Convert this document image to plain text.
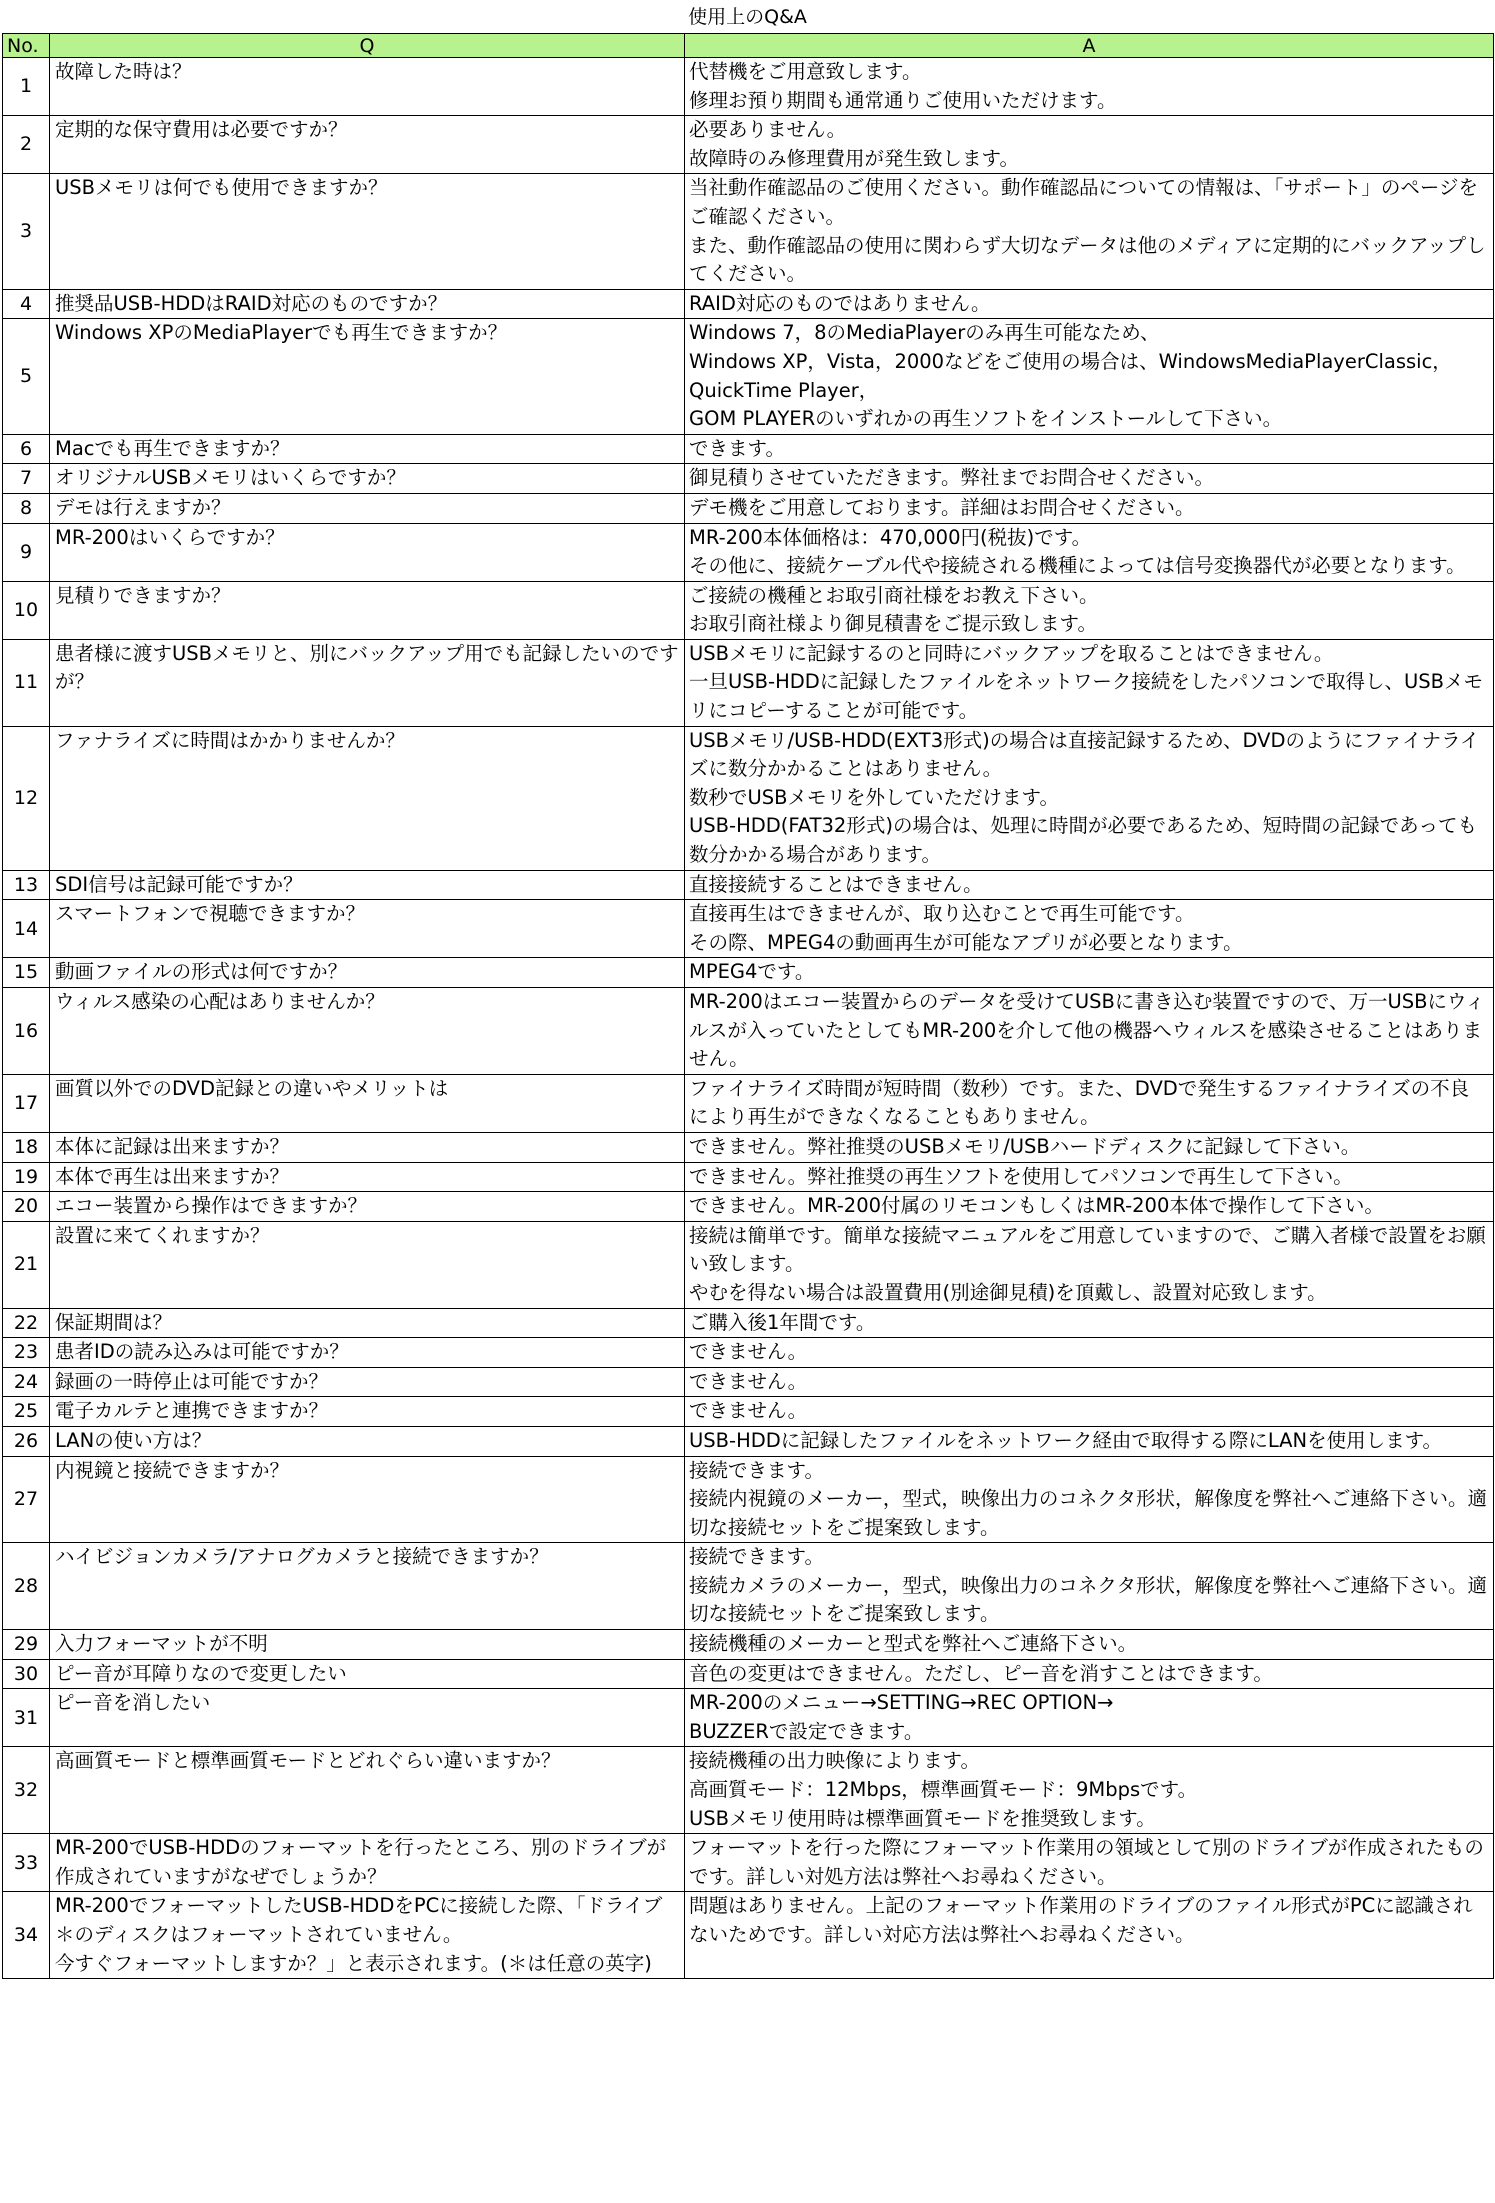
使用上のQ&A
No.	Q	A
1	故障した時は？	代替機をご用意致します。
修理お預り期間も通常通りご使用いただけます。

2	定期的な保守費用は必要ですか？	必要ありません。
故障時のみ修理費用が発生致します。

3	USBメモリは何でも使用できますか？	当社動作確認品のご使用ください。動作確認品についての情報は、「サポート」のページをご確認ください。
また、動作確認品の使用に関わらず大切なデータは他のメディアに定期的にバックアップしてください。

4	推奨品USB-HDDはRAID対応のものですか？	RAID対応のものではありません。

5	Windows XPのMediaPlayerでも再生できますか？	Windows 7，8のMediaPlayerのみ再生可能なため、
Windows XP，Vista，2000などをご使用の場合は、WindowsMediaPlayerClassic，QuickTime Player，
GOM PLAYERのいずれかの再生ソフトをインストールして下さい。

6	Macでも再生できますか？	できます。

7	オリジナルUSBメモリはいくらですか？	御見積りさせていただきます。弊社までお問合せください。

8	デモは行えますか？	デモ機をご用意しております。詳細はお問合せください。

9	MR-200はいくらですか？	MR-200本体価格は：470,000円(税抜)です。
その他に、接続ケーブル代や接続される機種によっては信号変換器代が必要となります。

10	見積りできますか？	ご接続の機種とお取引商社様をお教え下さい。
お取引商社様より御見積書をご提示致します。

11	患者様に渡すUSBメモリと、別にバックアップ用でも記録したいのですが？	USBメモリに記録するのと同時にバックアップを取ることはできません。
一旦USB-HDDに記録したファイルをネットワーク接続をしたパソコンで取得し、USBメモリにコピーすることが可能です。

12	ファナライズに時間はかかりませんか？	USBメモリ/USB-HDD(EXT3形式)の場合は直接記録するため、DVDのようにファイナライズに数分かかることはありません。
数秒でUSBメモリを外していただけます。
USB-HDD(FAT32形式)の場合は、処理に時間が必要であるため、短時間の記録であっても数分かかる場合があります。

13	SDI信号は記録可能ですか？	直接接続することはできません。

14	スマートフォンで視聴できますか？	直接再生はできませんが、取り込むことで再生可能です。
その際、MPEG4の動画再生が可能なアプリが必要となります。

15	動画ファイルの形式は何ですか？	MPEG4です。

16	ウィルス感染の心配はありませんか？	MR-200はエコー装置からのデータを受けてUSBに書き込む装置ですので、万一USBにウィルスが入っていたとしてもMR-200を介して他の機器へウィルスを感染させることはありません。

17	画質以外でのDVD記録との違いやメリットは	ファイナライズ時間が短時間（数秒）です。また、DVDで発生するファイナライズの不良により再生ができなくなることもありません。

18	本体に記録は出来ますか？	できません。弊社推奨のUSBメモリ/USBハードディスクに記録して下さい。

19	本体で再生は出来ますか？	できません。弊社推奨の再生ソフトを使用してパソコンで再生して下さい。

20	エコー装置から操作はできますか？	できません。MR-200付属のリモコンもしくはMR-200本体で操作して下さい。

21	設置に来てくれますか？	接続は簡単です。簡単な接続マニュアルをご用意していますので、ご購入者様で設置をお願い致します。
やむを得ない場合は設置費用(別途御見積)を頂戴し、設置対応致します。

22	保証期間は？	ご購入後1年間です。

23	患者IDの読み込みは可能ですか？	できません。

24	録画の一時停止は可能ですか？	できません。

25	電子カルテと連携できますか？	できません。

26	LANの使い方は？	USB-HDDに記録したファイルをネットワーク経由で取得する際にLANを使用します。

27	内視鏡と接続できますか？	接続できます。
接続内視鏡のメーカー，型式，映像出力のコネクタ形状，解像度を弊社へご連絡下さい。適切な接続セットをご提案致します。

28	ハイビジョンカメラ/アナログカメラと接続できますか？	接続できます。
接続カメラのメーカー，型式，映像出力のコネクタ形状，解像度を弊社へご連絡下さい。適切な接続セットをご提案致します。

29	入力フォーマットが不明	接続機種のメーカーと型式を弊社へご連絡下さい。

30	ピー音が耳障りなので変更したい	音色の変更はできません。ただし、ピー音を消すことはできます。

31	ピー音を消したい	MR-200のメニュー→SETTING→REC OPTION→
BUZZERで設定できます。

32	高画質モードと標準画質モードとどれぐらい違いますか？	接続機種の出力映像によります。
高画質モード：12Mbps，標準画質モード：9Mbpsです。
USBメモリ使用時は標準画質モードを推奨致します。

33	MR-200でUSB-HDDのフォーマットを行ったところ、別のドライブが作成されていますがなぜでしょうか？	フォーマットを行った際にフォーマット作業用の領域として別のドライブが作成されたものです。詳しい対処方法は弊社へお尋ねください。

34	MR-200でフォーマットしたUSB-HDDをPCに接続した際、「ドライブ＊のディスクはフォーマットされていません。
今すぐフォーマットしますか？」と表示されます。(＊は任意の英字)	問題はありません。上記のフォーマット作業用のドライブのファイル形式がPCに認識されないためです。詳しい対応方法は弊社へお尋ねください。
